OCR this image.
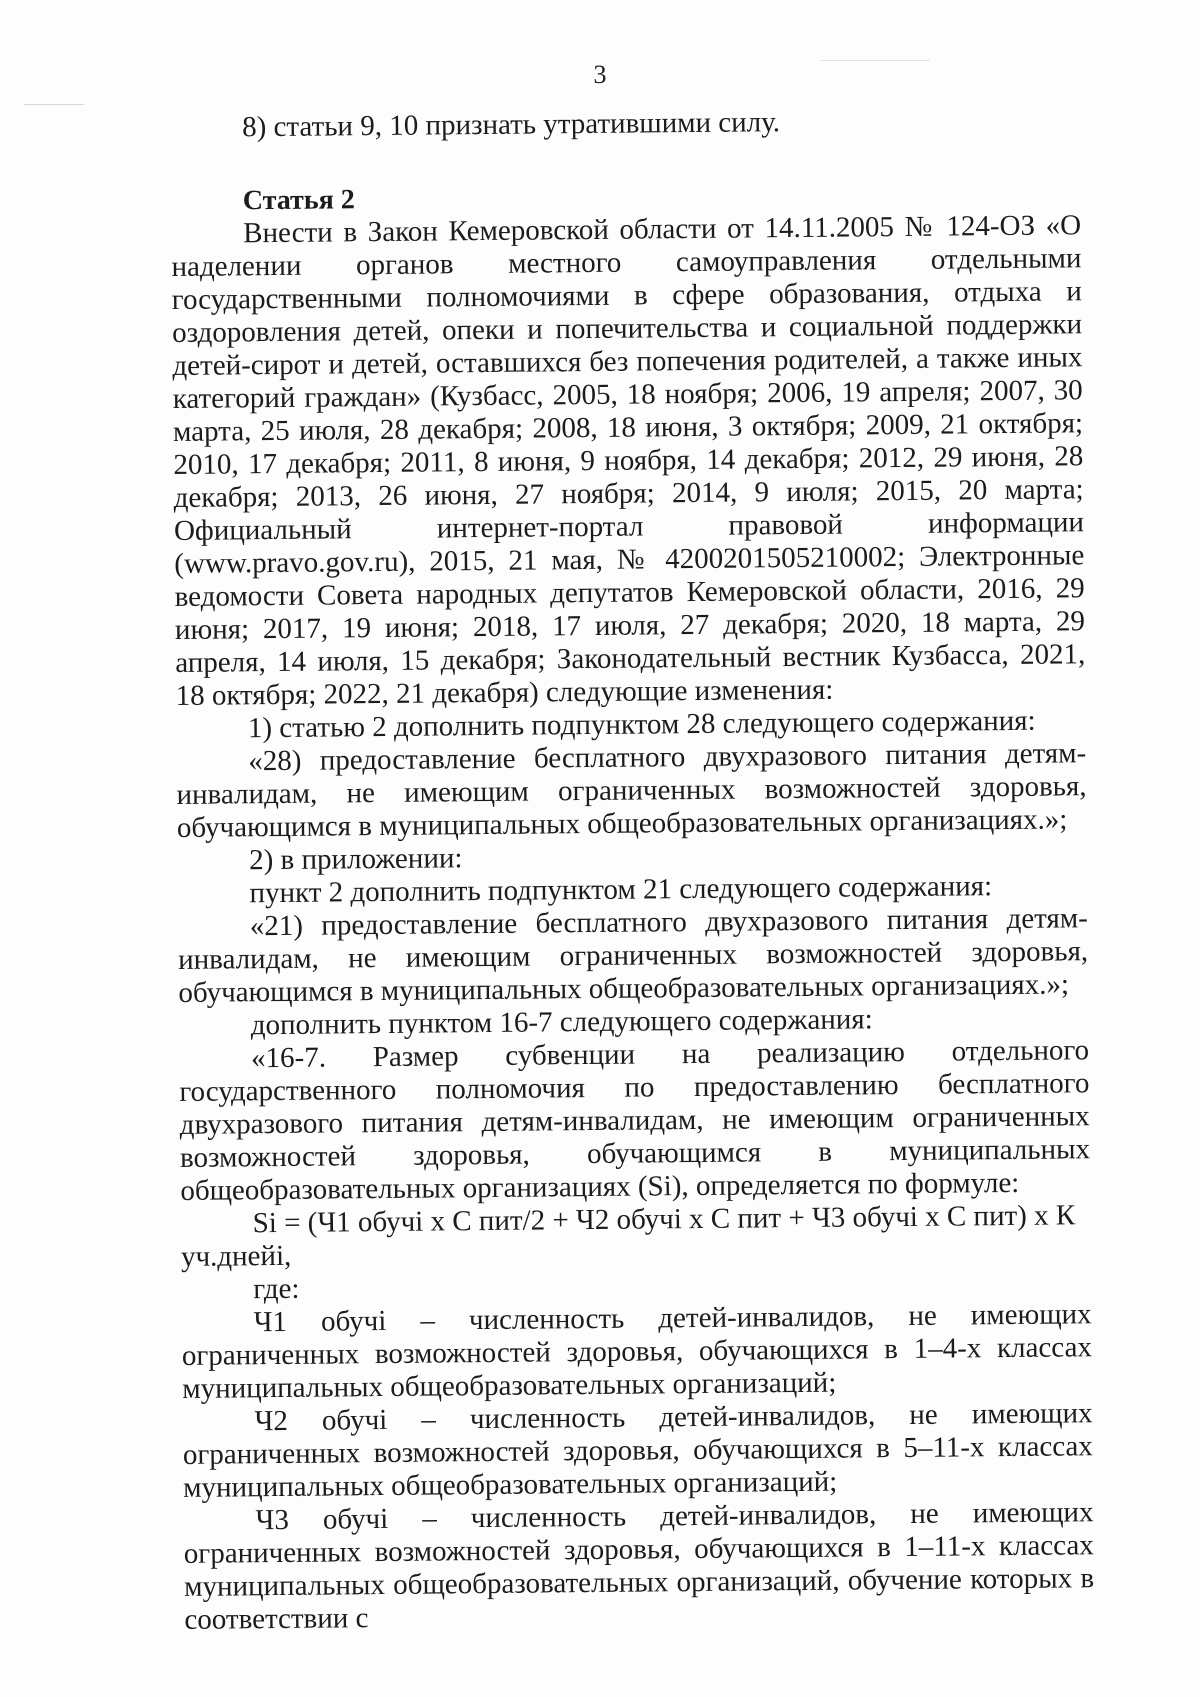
3

8) статьи 9, 10 признать утратившими силу.

Статья 2

Внести в Закон Кемеровской области от 14.11.2005 № 124-ОЗ «О наделении органов местного самоуправления отдельными государственными полномочиями в сфере образования, отдыха и оздоровления детей, опеки и попечительства и социальной поддержки детей-сирот и детей, оставшихся без попечения родителей, а также иных категорий граждан» (Кузбасс, 2005, 18 ноября; 2006, 19 апреля; 2007, 30 марта, 25 июля, 28 декабря; 2008, 18 июня, 3 октября; 2009, 21 октября; 2010, 17 декабря; 2011, 8 июня, 9 ноября, 14 декабря; 2012, 29 июня, 28 декабря; 2013, 26 июня, 27 ноября; 2014, 9 июля; 2015, 20 марта; Официальный интернет-портал правовой информации (www.pravo.gov.ru), 2015, 21 мая, № 4200201505210002; Электронные ведомости Совета народных депутатов Кемеровской области, 2016, 29 июня; 2017, 19 июня; 2018, 17 июля, 27 декабря; 2020, 18 марта, 29 апреля, 14 июля, 15 декабря; Законодательный вестник Кузбасса, 2021, 18 октября; 2022, 21 декабря) следующие изменения:

1) статью 2 дополнить подпунктом 28 следующего содержания:

«28) предоставление бесплатного двухразового питания детям-инвалидам, не имеющим ограниченных возможностей здоровья, обучающимся в муниципальных общеобразовательных организациях.»;

2) в приложении:

пункт 2 дополнить подпунктом 21 следующего содержания:

«21) предоставление бесплатного двухразового питания детям-инвалидам, не имеющим ограниченных возможностей здоровья, обучающимся в муниципальных общеобразовательных организациях.»;

дополнить пунктом 16-7 следующего содержания:

«16-7. Размер субвенции на реализацию отдельного государственного полномочия по предоставлению бесплатного двухразового питания детям-инвалидам, не имеющим ограниченных возможностей здоровья, обучающимся в муниципальных общеобразовательных организациях (Si), определяется по формуле:

Si = (Ч1 обучi х С пит/2 + Ч2 обучi х С пит + Ч3 обучi х С пит) х К уч.днейi,

где:

Ч1 обучi – численность детей-инвалидов, не имеющих ограниченных возможностей здоровья, обучающихся в 1–4-х классах муниципальных общеобразовательных организаций;

Ч2 обучi – численность детей-инвалидов, не имеющих ограниченных возможностей здоровья, обучающихся в 5–11-х классах муниципальных общеобразовательных организаций;

Ч3 обучi – численность детей-инвалидов, не имеющих ограниченных возможностей здоровья, обучающихся в 1–11-х классах муниципальных общеобразовательных организаций, обучение которых в соответствии с
